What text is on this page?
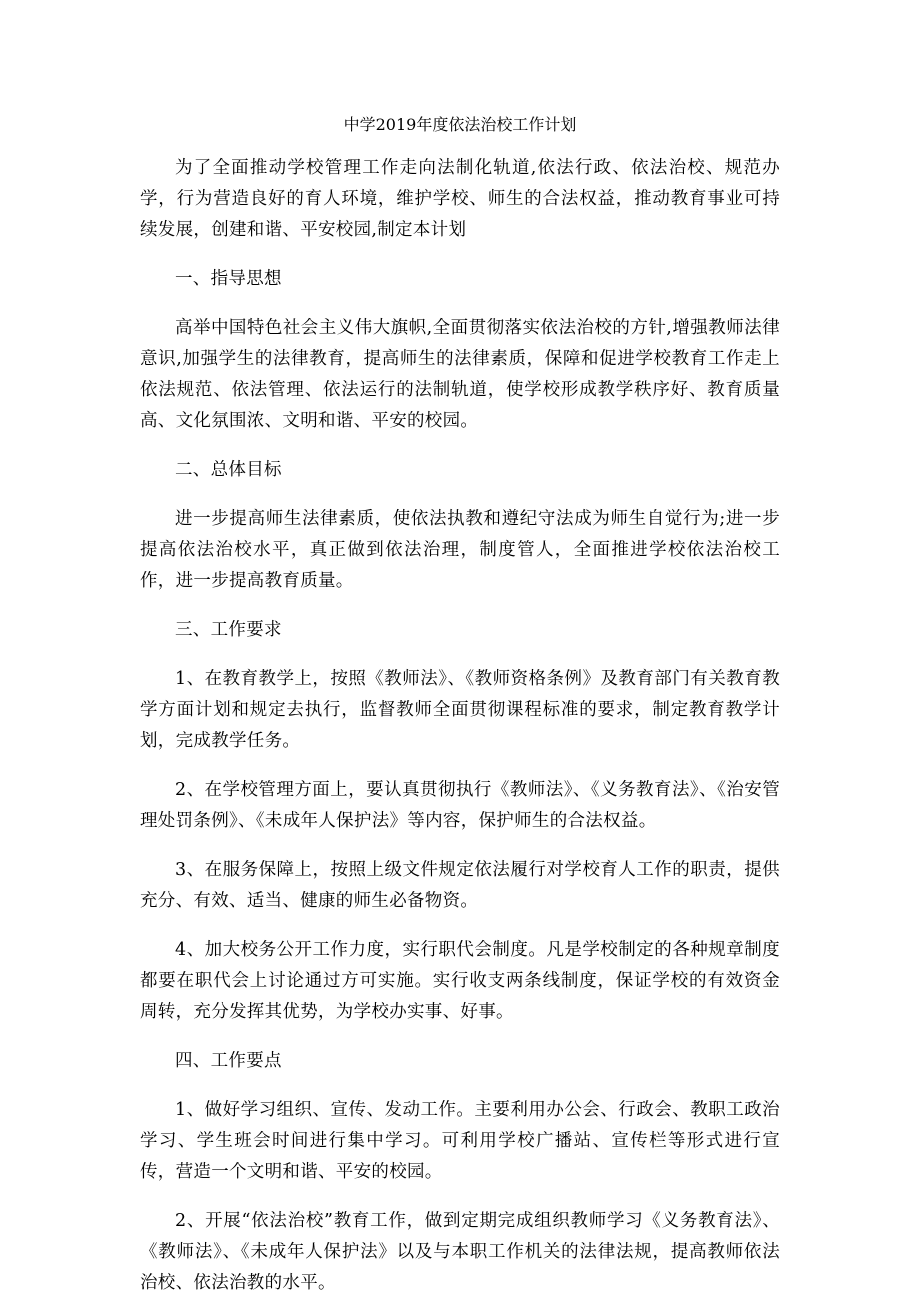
中学2019年度依法治校工作计划

为了全面推动学校管理工作走向法制化轨道,依法行政、依法治校、规范办学，行为营造良好的育人环境，维护学校、师生的合法权益，推动教育事业可持续发展，创建和谐、平安校园,制定本计划

一、指导思想

高举中国特色社会主义伟大旗帜,全面贯彻落实依法治校的方针,增强教师法律意识,加强学生的法律教育，提高师生的法律素质，保障和促进学校教育工作走上依法规范、依法管理、依法运行的法制轨道，使学校形成教学秩序好、教育质量高、文化氛围浓、文明和谐、平安的校园。

二、总体目标

进一步提高师生法律素质，使依法执教和遵纪守法成为师生自觉行为;进一步提高依法治校水平，真正做到依法治理，制度管人，全面推进学校依法治校工作，进一步提高教育质量。

三、工作要求

1、在教育教学上，按照《教师法》、《教师资格条例》及教育部门有关教育教学方面计划和规定去执行，监督教师全面贯彻课程标准的要求，制定教育教学计划，完成教学任务。

2、在学校管理方面上，要认真贯彻执行《教师法》、《义务教育法》、《治安管理处罚条例》、《未成年人保护法》等内容，保护师生的合法权益。

3、在服务保障上，按照上级文件规定依法履行对学校育人工作的职责，提供充分、有效、适当、健康的师生必备物资。

4、加大校务公开工作力度，实行职代会制度。凡是学校制定的各种规章制度都要在职代会上讨论通过方可实施。实行收支两条线制度，保证学校的有效资金周转，充分发挥其优势，为学校办实事、好事。

四、工作要点

1、做好学习组织、宣传、发动工作。主要利用办公会、行政会、教职工政治学习、学生班会时间进行集中学习。可利用学校广播站、宣传栏等形式进行宣传，营造一个文明和谐、平安的校园。

2、开展“依法治校”教育工作，做到定期完成组织教师学习《义务教育法》、《教师法》、《未成年人保护法》以及与本职工作机关的法律法规，提高教师依法治校、依法治教的水平。
